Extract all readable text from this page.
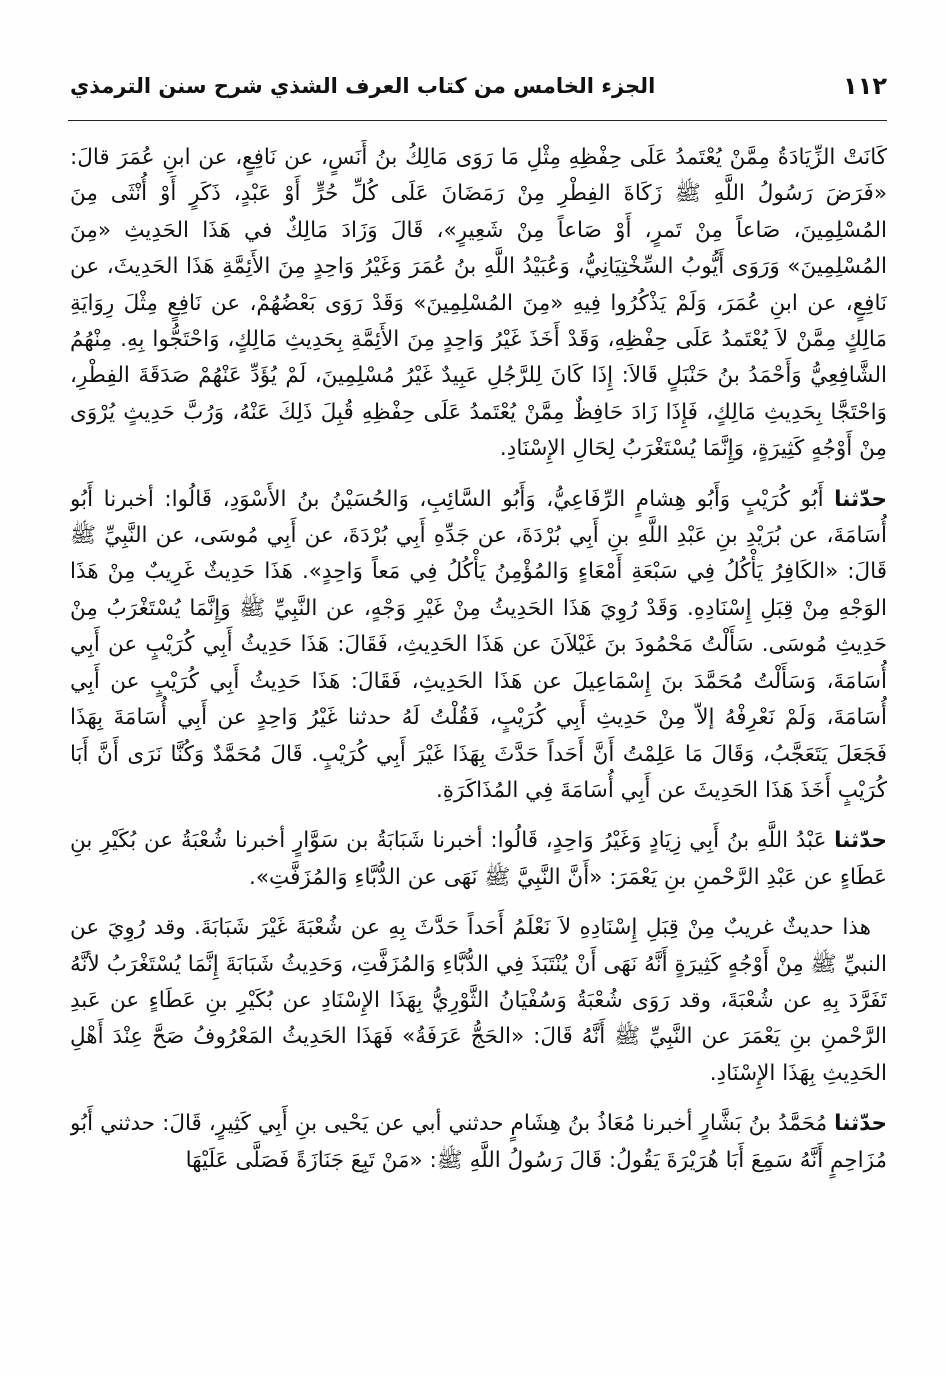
١١٢
الجزء الخامس من كتاب العرف الشذي شرح سنن الترمذي

كَانَتْ الزِّيَادَةُ مِمَّنْ يُعْتَمدُ عَلَى حِفْظِهِ مِثْلِ مَا رَوَى مَالِكُ بنُ أَنَسٍ، عن نَافِعٍ، عن ابنِ عُمَرَ قالَ: «فَرَضَ رَسُولُ اللَّهِ ﷺ زَكَاةَ الفِطْرِ مِنْ رَمَضَانَ عَلَى كُلِّ حُرٍّ أَوْ عَبْدٍ، ذَكَرٍ أَوْ أُنْثَى مِنَ المُسْلِمِينَ، صَاعاً مِنْ تَمرٍ، أَوْ صَاعاً مِنْ شَعِيرٍ»، قَالَ وَزَادَ مَالِكٌ في هَذَا الحَدِيثِ «مِنَ المُسْلِمِينَ» وَرَوَى أَيُّوبُ السِّخْتِيَانِيُّ، وَعُبَيْدُ اللَّهِ بنُ عُمَرَ وَغَيْرُ وَاحِدٍ مِنَ الأَئِمَّةِ هَذَا الحَدِيثَ، عن نَافِعٍ، عن ابنِ عُمَرَ، وَلَمْ يَذْكُرُوا فِيهِ «مِنَ المُسْلِمِينَ» وَقَدْ رَوَى بَعْضُهُمْ، عن نَافِعٍ مِثْلَ رِوَايَةِ مَالِكٍ مِمَّنْ لاَ يُعْتَمدُ عَلَى حِفْظِهِ، وَقَدْ أَخَذَ غَيْرُ وَاحِدٍ مِنَ الأَئِمَّةِ بِحَدِيثِ مَالِكٍ، وَاحْتَجُّوا بِهِ. مِنْهُمُ الشَّافِعِيُّ وَأَحْمَدُ بنُ حَنْبَلٍ قَالاَ: إِذَا كَانَ لِلرَّجُلِ عَبِيدٌ غَيْرُ مُسْلِمِينَ، لَمْ يُؤَدِّ عَنْهُمْ صَدَقَةَ الفِطْرِ، وَاحْتَجَّا بِحَدِيثِ مَالِكٍ، فَإِذَا زَادَ حَافِظٌ مِمَّنْ يُعْتَمدُ عَلَى حِفْظِهِ قُبِلَ ذَلِكَ عَنْهُ، وَرُبَّ حَدِيثٍ يُرْوَى مِنْ أَوْجُهٍ كَثِيرَةٍ، وَإِنَّمَا يُسْتَغْرَبُ لِحَالِ الإِسْنَادِ.

حدّثنا أَبُو كُرَيْبٍ وَأَبُو هِشامٍ الرِّفَاعِيُّ، وَأَبُو السَّائِبِ، وَالحُسَيْنُ بنُ الأَسْوَدِ، قَالُوا: أخبرنا أَبُو أُسَامَةَ، عن بُرَيْدِ بنِ عَبْدِ اللَّهِ بنِ أَبِي بُرْدَةَ، عن جَدِّهِ أَبِي بُرْدَةَ، عن أَبِي مُوسَى، عن النَّبِيِّ ﷺ قَالَ: «الكَافِرُ يَأْكُلُ فِي سَبْعَةِ أَمْعَاءٍ وَالمُؤْمِنُ يَأْكُلُ فِي مَعاً وَاحِدٍ». هَذَا حَدِيثٌ غَرِيبٌ مِنْ هَذَا الوَجْهِ مِنْ قِبَلِ إِسْنَادِهِ. وَقَدْ رُوِيَ هَذَا الحَدِيثُ مِنْ غَيْرِ وَجْهٍ، عن النَّبِيِّ ﷺ وَإِنَّمَا يُسْتَغْرَبُ مِنْ حَدِيثِ مُوسَى. سَأَلْتُ مَحْمُودَ بنَ غَيْلاَنَ عن هَذَا الحَدِيثِ، فَقَالَ: هَذَا حَدِيثُ أَبِي كُرَيْبٍ عن أَبِي أُسَامَةَ، وَسَأَلْتُ مُحَمَّدَ بنَ إِسْمَاعِيلَ عن هَذَا الحَدِيثِ، فَقَالَ: هَذَا حَدِيثُ أَبِي كُرَيْبٍ عن أَبِي أُسَامَةَ، وَلَمْ نَعْرِفْهُ إلاّ مِنْ حَدِيثِ أَبِي كُرَيْبٍ، فَقُلْتُ لَهُ حدثنا غَيْرُ وَاحِدٍ عن أَبِي أُسَامَةَ بِهَذَا فَجَعَلَ يَتَعَجَّبُ، وَقَالَ مَا عَلِمْتُ أَنَّ أَحَداً حَدَّثَ بِهَذَا غَيْرَ أَبِي كُرَيْبٍ. قَالَ مُحَمَّدٌ وَكُنَّا نَرَى أَنَّ أَبَا كُرَيْبٍ أَخَذَ هَذَا الحَدِيثَ عن أَبِي أُسَامَةَ فِي المُذَاكَرَةِ.

حدّثنا عَبْدُ اللَّهِ بنُ أَبِي زِيَادٍ وَغَيْرُ وَاحِدٍ، قَالُوا: أخبرنا شَبَابَةُ بن سَوَّارٍ أخبرنا شُعْبَةُ عن بُكَيْرِ بنِ عَطَاءٍ عن عَبْدِ الرَّحْمنِ بنِ يَعْمَرَ: «أَنَّ النَّبِيَّ ﷺ نَهَى عن الدُّبَّاءِ وَالمُزَفَّتِ».

هذا حديثٌ غريبٌ مِنْ قِبَلِ إِسْنَادِهِ لاَ نَعْلَمُ أَحَداً حَدَّثَ بِهِ عن شُعْبَةَ غَيْرَ شَبَابَةَ. وقد رُوِيَ عن النبيِّ ﷺ مِنْ أَوْجُهٍ كَثِيرَةٍ أَنَّهُ نَهَى أَنْ يُنْتَبَذَ فِي الدُّبَّاءِ وَالمُزَفَّتِ، وَحَدِيثُ شَبَابَةَ إِنَّمَا يُسْتَغْرَبُ لأنَّهُ تَفَرَّدَ بِهِ عن شُعْبَةَ، وقد رَوَى شُعْبَةُ وَسُفْيَانُ الثَّوْرِيُّ بِهَذَا الإِسْنَادِ عن بُكَيْرِ بنِ عَطَاءٍ عن عَبدِ الرَّحْمنِ بنِ يَعْمَرَ عن النَّبِيِّ ﷺ أَنَّهُ قَالَ: «الحَجُّ عَرَفَةُ» فَهَذَا الحَدِيثُ المَعْرُوفُ صَحَّ عِنْدَ أَهْلِ الحَدِيثِ بِهَذَا الإِسْنَادِ.

حدّثنا مُحَمَّدُ بنُ بَشَّارٍ أخبرنا مُعَاذُ بنُ هِشَامٍ حدثني أبي عن يَحْيى بنِ أَبِي كَثِيرٍ، قَالَ: حدثني أَبُو مُزَاحِمٍ أَنَّهُ سَمِعَ أَبَا هُرَيْرَةَ يَقُولُ: قَالَ رَسُولُ اللَّهِ ﷺ: «مَنْ تَبِعَ جَنَازَةً فَصَلَّى عَلَيْهَا
